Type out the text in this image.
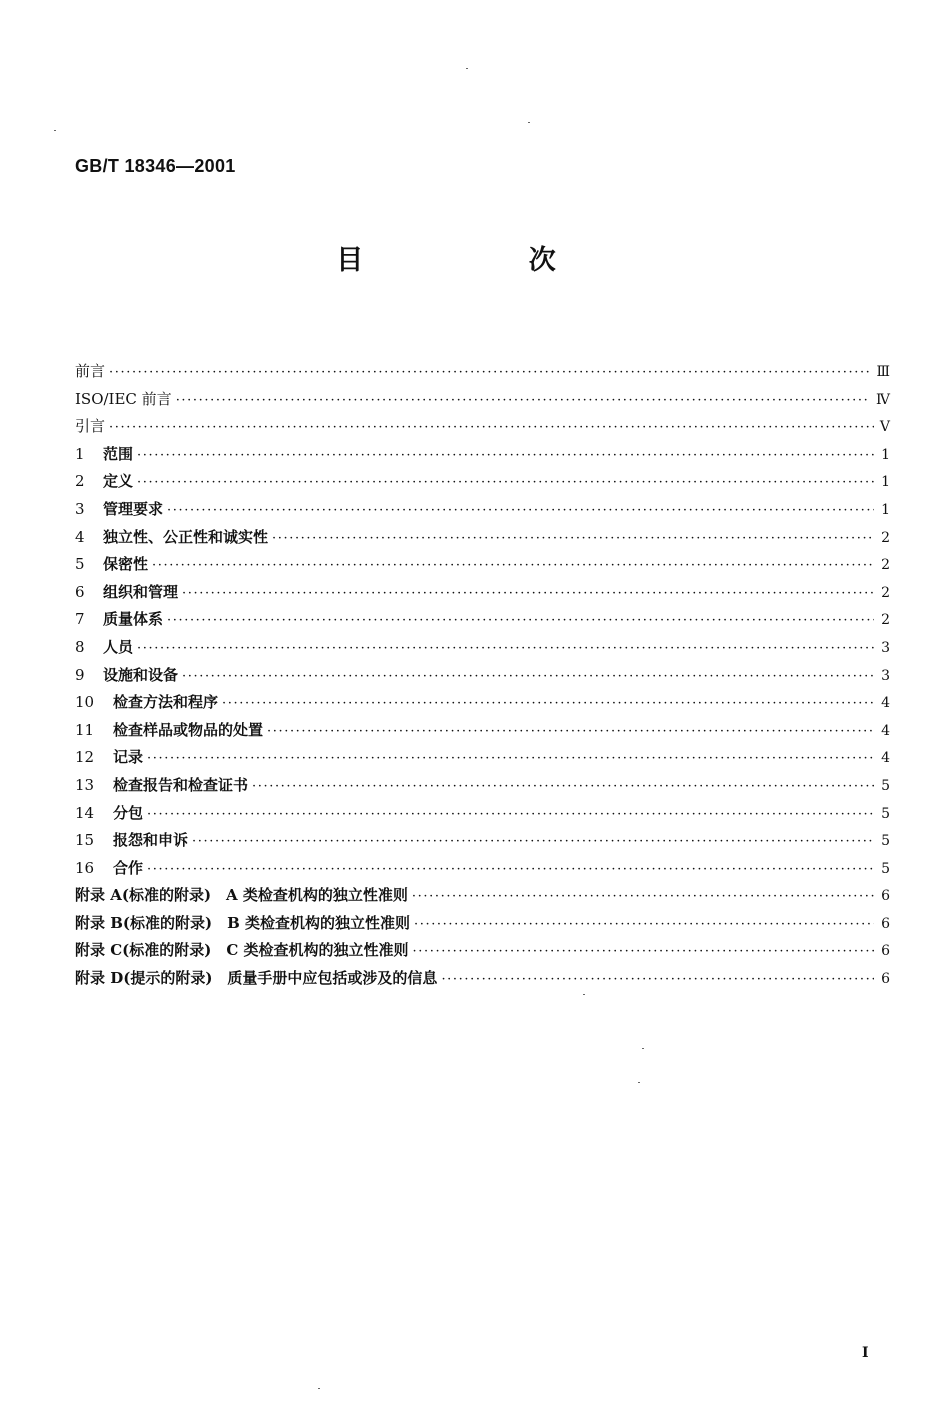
GB/T 18346—2001
目 次
前言 ·····	Ⅲ
ISO/IEC 前言 ·····	Ⅳ
引言 ·····	Ⅴ
1	范围 ·····	1
2	定义 ·····	1
3	管理要求 ·····	1
4	独立性、公正性和诚实性 ·····	2
5	保密性 ·····	2
6	组织和管理 ·····	2
7	质量体系 ·····	2
8	人员 ·····	3
9	设施和设备 ·····	3
10	检查方法和程序 ·····	4
11	检查样品或物品的处置 ·····	4
12	记录 ·····	4
13	检查报告和检查证书 ·····	5
14	分包 ·····	5
15	报怨和申诉 ·····	5
16	合作 ·····	5
附录 A(标准的附录)　A 类检查机构的独立性准则 ·····	6
附录 B(标准的附录)　B 类检查机构的独立性准则 ·····	6
附录 C(标准的附录)　C 类检查机构的独立性准则 ·····	6
附录 D(提示的附录)　质量手册中应包括或涉及的信息 ·····	6
I
